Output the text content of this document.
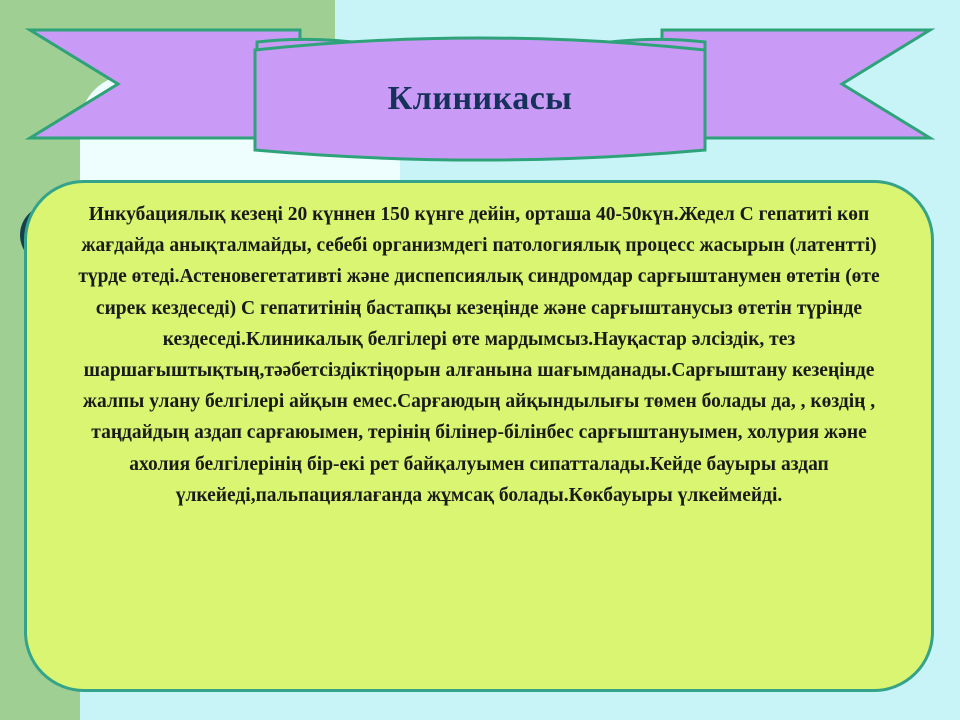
Клиникасы

Инкубациялық кезеңі 20 күннен 150 күнге дейін, орташа 40-50күн.Жедел С гепатиті көп жағдайда анықталмайды, себебі организмдегі патологиялық процесс жасырын (латентті) түрде өтеді.Астеновегетативті және диспепсиялық синдромдар сарғыштанумен өтетін (өте сирек кездеседі) С гепатитінің бастапқы кезеңінде және сарғыштанусыз өтетін түрінде кездеседі.Клиникалық белгілері өте мардымсыз.Науқастар әлсіздік, тез шаршағыштықтың,тәәбетсіздіктіңорын алғанына шағымданады.Сарғыштану кезеңінде жалпы улану белгілері айқын емес.Сарғаюдың айқындылығы төмен болады да, , көздің , таңдайдың аздап сарғаюымен, терінің білінер-білінбес сарғыштануымен, холурия және ахолия белгілерінің бір-екі рет байқалуымен сипатталады.Кейде бауыры аздап үлкейеді,пальпациялағанда жұмсақ болады.Көкбауыры үлкеймейді.
